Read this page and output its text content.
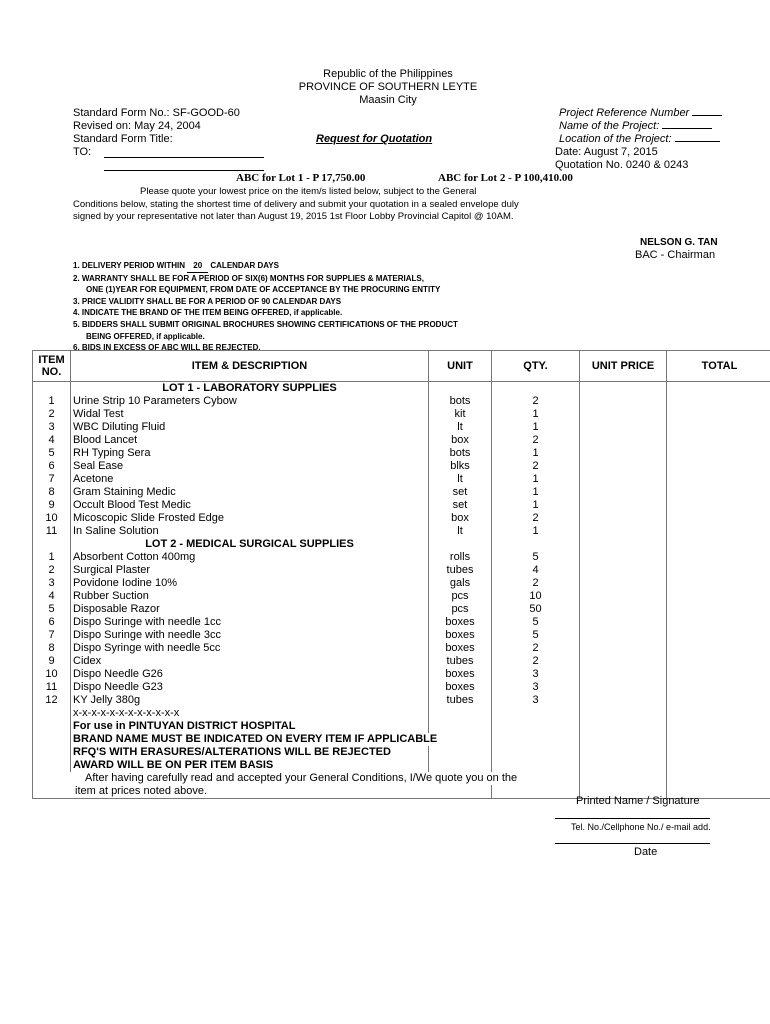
Republic of the Philippines
PROVINCE OF SOUTHERN LEYTE
Maasin City
Standard Form No.: SF-GOOD-60
Revised on: May 24, 2004
Standard Form Title:
TO:
Request for Quotation
Project Reference Number
Name of the Project:
Location of the Project:
Date: August 7, 2015
Quotation No. 0240 & 0243
ABC for Lot 1 - P 17,750.00	ABC for Lot 2 - P 100,410.00
Please quote your lowest price on the item/s listed below, subject to the General
Conditions below, stating the shortest time of delivery and submit your quotation in a sealed envelope duly signed by your representative not later than August 19, 2015 1st Floor Lobby Provincial Capitol @ 10AM.
NELSON G. TAN
BAC - Chairman
1. DELIVERY PERIOD WITHIN 20 CALENDAR DAYS
2. WARRANTY SHALL BE FOR A PERIOD OF SIX(6) MONTHS FOR SUPPLIES & MATERIALS,
ONE (1)YEAR FOR EQUIPMENT, FROM DATE OF ACCEPTANCE BY THE PROCURING ENTITY
3. PRICE VALIDITY SHALL BE FOR A PERIOD OF 90 CALENDAR DAYS
4. INDICATE THE BRAND OF THE ITEM BEING OFFERED, if applicable.
5. BIDDERS SHALL SUBMIT ORIGINAL BROCHURES SHOWING CERTIFICATIONS OF THE PRODUCT
BEING OFFERED, if applicable.
6. BIDS IN EXCESS OF ABC WILL BE REJECTED.
ITEM NO.	ITEM & DESCRIPTION	UNIT	QTY.	UNIT PRICE	TOTAL
	LOT 1 - LABORATORY SUPPLIES				
1	Urine Strip 10 Parameters Cybow	bots	2		
2	Widal Test	kit	1		
3	WBC Diluting Fluid	lt	1		
4	Blood Lancet	box	2		
5	RH Typing Sera	bots	1		
6	Seal Ease	blks	2		
7	Acetone	lt	1		
8	Gram Staining Medic	set	1		
9	Occult Blood Test Medic	set	1		
10	Micoscopic Slide Frosted Edge	box	2		
11	In Saline Solution	lt	1		
	LOT 2 - MEDICAL SURGICAL SUPPLIES				
1	Absorbent Cotton 400mg	rolls	5		
2	Surgical Plaster	tubes	4		
3	Povidone Iodine 10%	gals	2		
4	Rubber Suction	pcs	10		
5	Disposable Razor	pcs	50		
6	Dispo Suringe with needle 1cc	boxes	5		
7	Dispo Suringe with needle 3cc	boxes	5		
8	Dispo Syringe with needle 5cc	boxes	2		
9	Cidex	tubes	2		
10	Dispo Needle G26	boxes	3		
11	Dispo Needle G23	boxes	3		
12	KY Jelly 380g	tubes	3		
	x-x-x-x-x-x-x-x-x-x-x-x				
	For use in PINTUYAN DISTRICT HOSPITAL				
	BRAND NAME MUST BE INDICATED ON EVERY ITEM IF APPLICABLE				
	RFQ'S WITH ERASURES/ALTERATIONS WILL BE REJECTED				
	AWARD WILL BE ON PER ITEM BASIS				
After having carefully read and accepted your General Conditions, I/We quote you on the					
item at prices noted above.					
Printed Name / Signature
Tel. No./Cellphone No./ e-mail add.
Date
